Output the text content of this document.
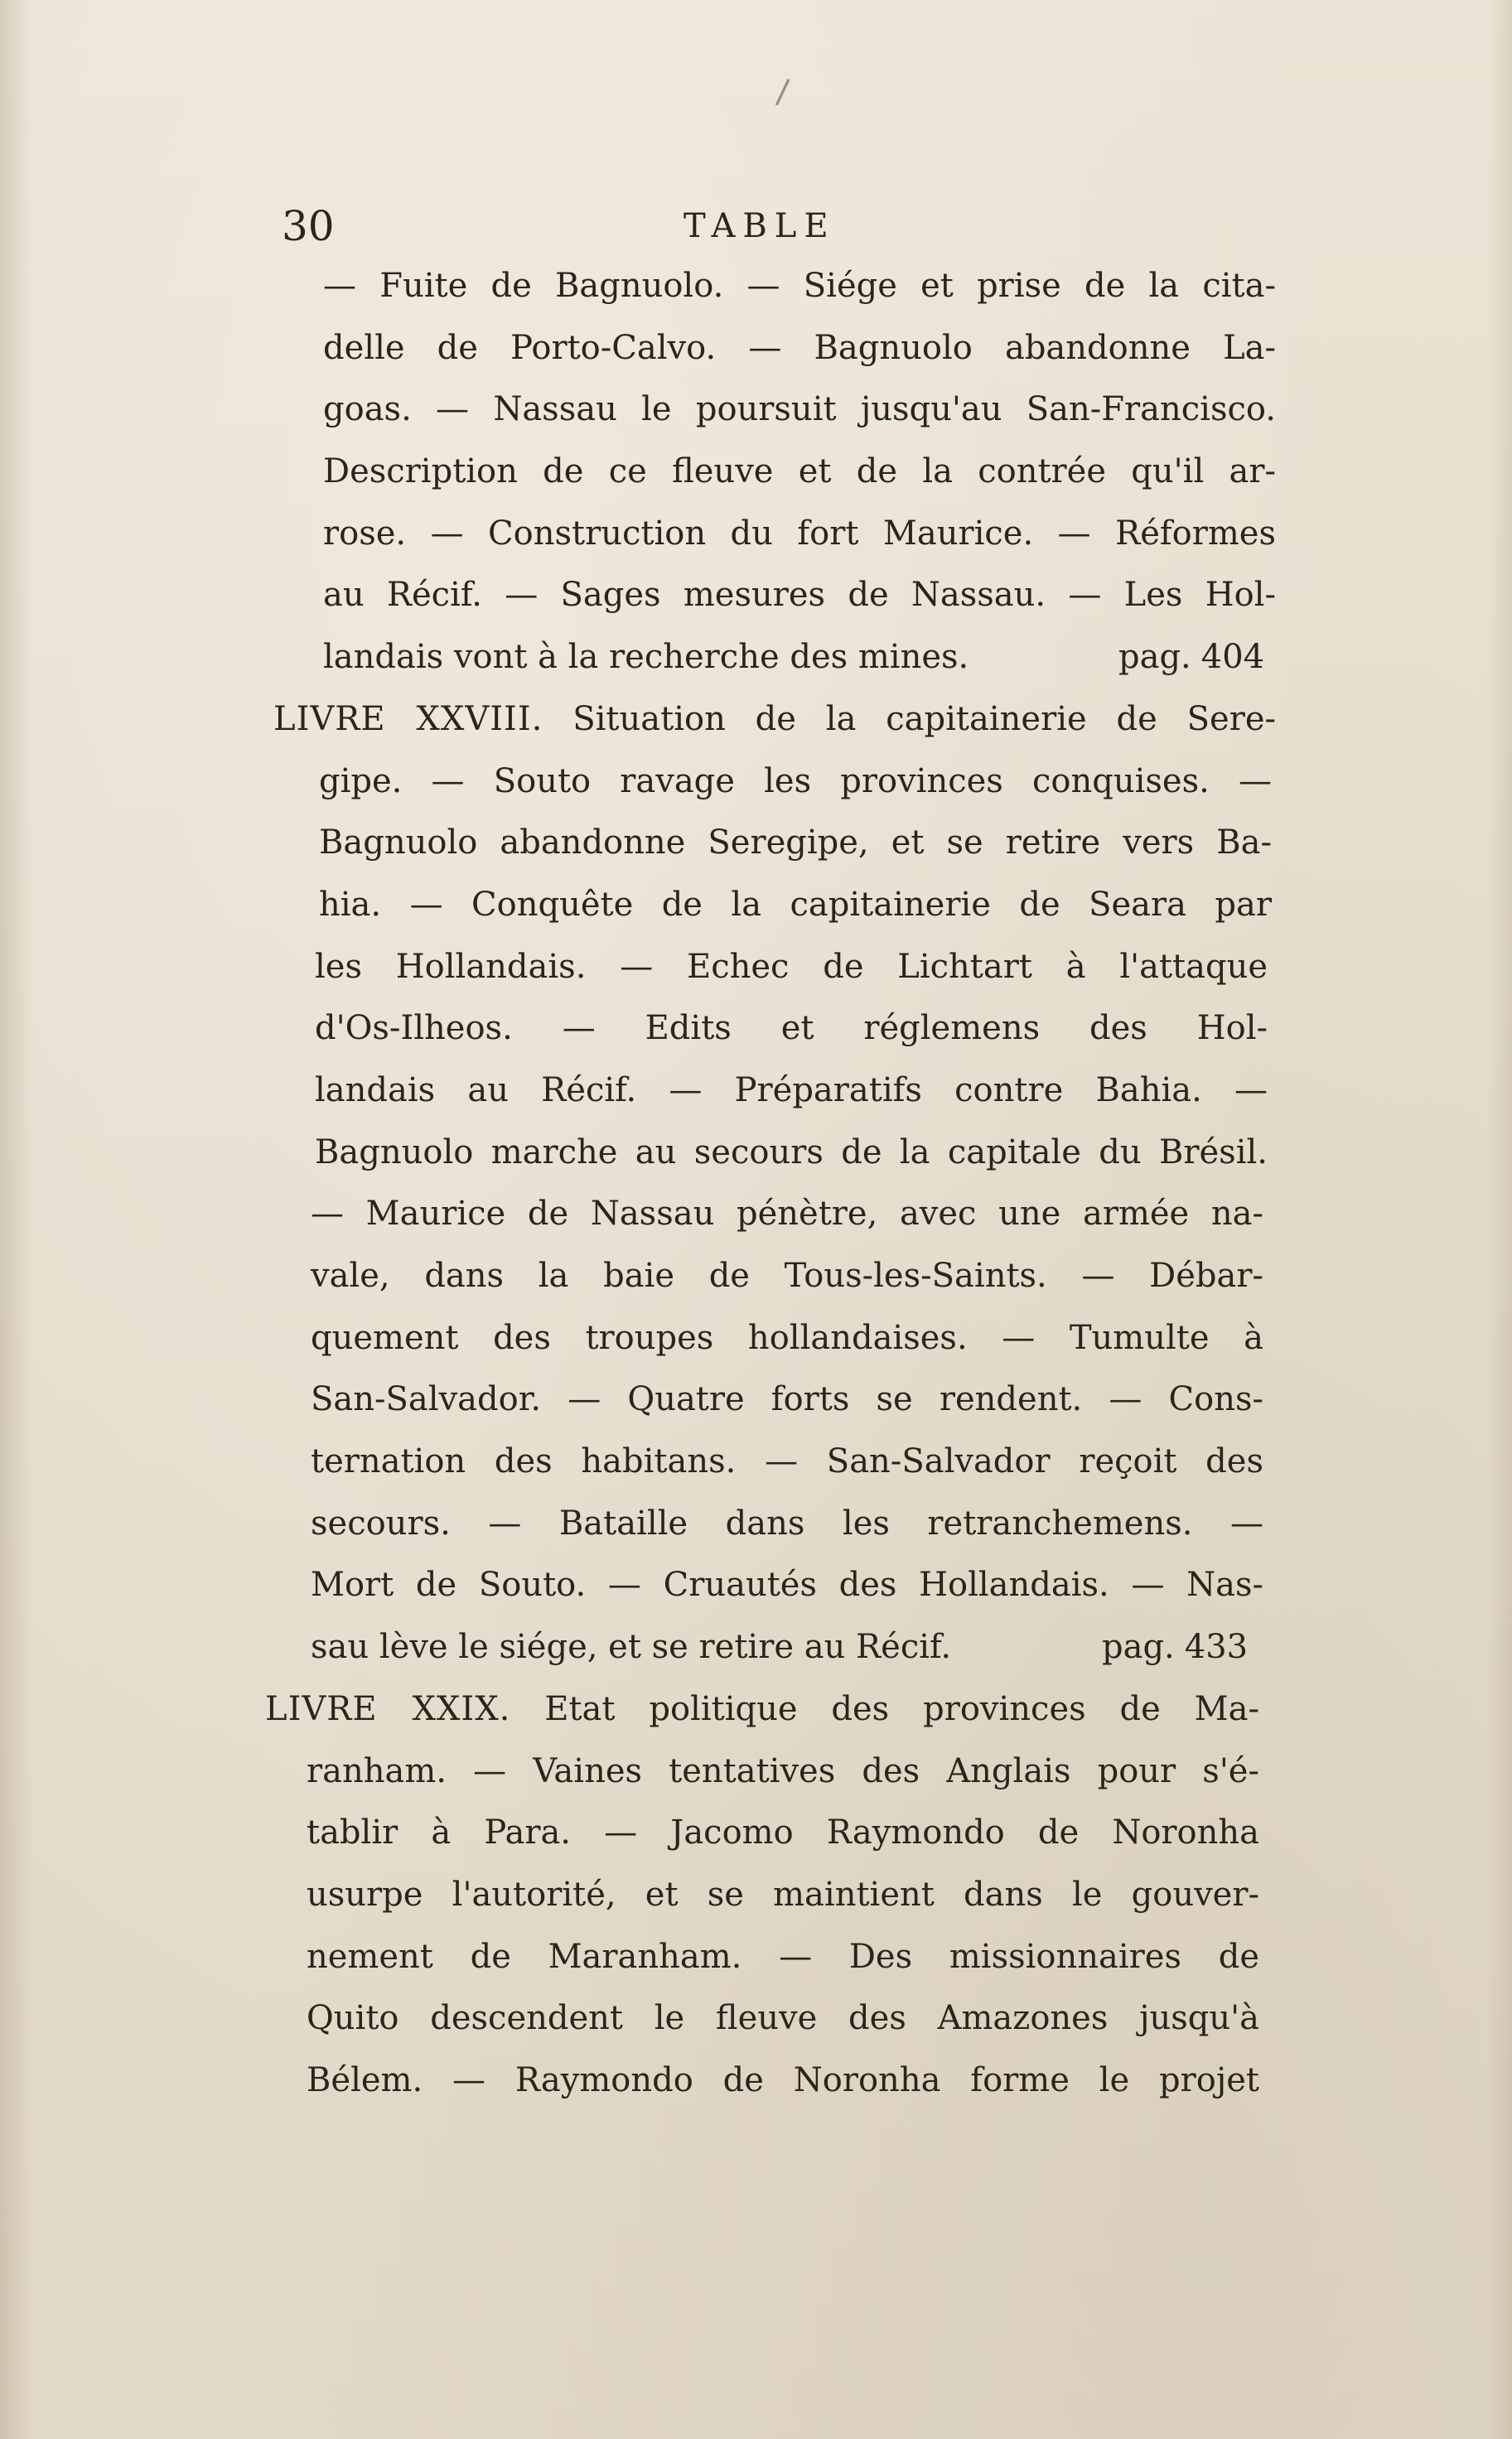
/
30	TABLE
— Fuite de Bagnuolo. — Siége et prise de la cita-
delle de Porto-Calvo. — Bagnuolo abandonne La-
goas. — Nassau le poursuit jusqu'au San-Francisco.
Description de ce fleuve et de la contrée qu'il ar-
rose. — Construction du fort Maurice. — Réformes
au Récif. — Sages mesures de Nassau. — Les Hol-
landais vont à la recherche des mines.	pag. 404
LIVRE XXVIII. Situation de la capitainerie de Sere-
gipe. — Souto ravage les provinces conquises. —
Bagnuolo abandonne Seregipe, et se retire vers Ba-
hia. — Conquête de la capitainerie de Seara par
les Hollandais. — Echec de Lichtart à l'attaque
d'Os-Ilheos. — Edits et réglemens des Hol-
landais au Récif. — Préparatifs contre Bahia. —
Bagnuolo marche au secours de la capitale du Brésil.
— Maurice de Nassau pénètre, avec une armée na-
vale, dans la baie de Tous-les-Saints. — Débar-
quement des troupes hollandaises. — Tumulte à
San-Salvador. — Quatre forts se rendent. — Cons-
ternation des habitans. — San-Salvador reçoit des
secours. — Bataille dans les retranchemens. —
Mort de Souto. — Cruautés des Hollandais. — Nas-
sau lève le siége, et se retire au Récif.	pag. 433
LIVRE XXIX. Etat politique des provinces de Ma-
ranham. — Vaines tentatives des Anglais pour s'é-
tablir à Para. — Jacomo Raymondo de Noronha
usurpe l'autorité, et se maintient dans le gouver-
nement de Maranham. — Des missionnaires de
Quito descendent le fleuve des Amazones jusqu'à
Bélem. — Raymondo de Noronha forme le projet
